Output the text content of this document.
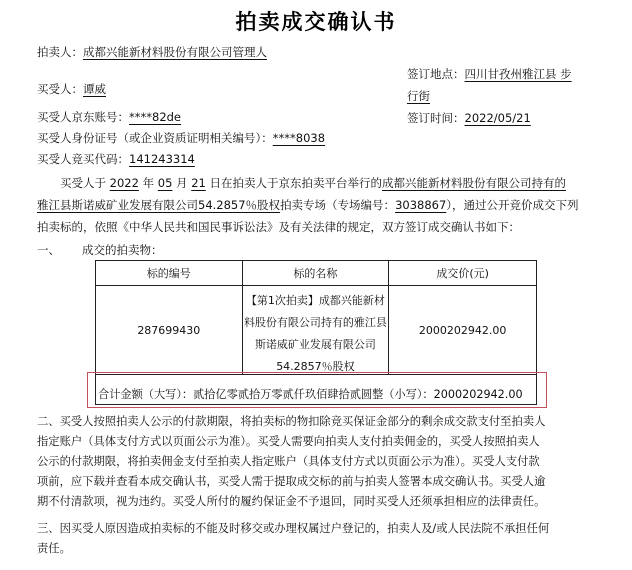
拍卖成交确认书
拍卖人：成都兴能新材料股份有限公司管理人
买受人：谭威
签订地点：四川甘孜州雅江县 步
行街
签订时间：2022/05/21
买受人京东账号：****82de
买受人身份证号（或企业资质证明相关编号）：****8038
买受人竞买代码：141243314
买受人于 2022 年 05 月 21 日在拍卖人于京东拍卖平台举行的成都兴能新材料股份有限公司持有的
雅江县斯诺威矿业发展有限公司54.2857％股权拍卖专场（专场编号：3038867），通过公开竞价成交下列
拍卖标的，依照《中华人民共和国民事诉讼法》及有关法律的规定，双方签订成交确认书如下：
一、 成交的拍卖物：
标的编号	标的名称	成交价(元)
287699430	【第1次拍卖】成都兴能新材料股份有限公司持有的雅江县斯诺威矿业发展有限公司54.2857％股权	2000202942.00
合计金额（大写）：贰拾亿零贰拾万零贰仟玖佰肆拾贰圆整（小写）：2000202942.00		
二、买受人按照拍卖人公示的付款期限，将拍卖标的物扣除竞买保证金部分的剩余成交款支付至拍卖人
指定账户（具体支付方式以页面公示为准）。买受人需要向拍卖人支付拍卖佣金的，买受人按照拍卖人
公示的付款期限，将拍卖佣金支付至拍卖人指定账户（具体支付方式以页面公示为准）。买受人支付款
项前，应下载并查看本成交确认书，买受人需于提取成交标的前与拍卖人签署本成交确认书。买受人逾
期不付清款项，视为违约。买受人所付的履约保证金不予退回，同时买受人还须承担相应的法律责任。
三、因买受人原因造成拍卖标的不能及时移交或办理权属过户登记的，拍卖人及/或人民法院不承担任何
责任。
